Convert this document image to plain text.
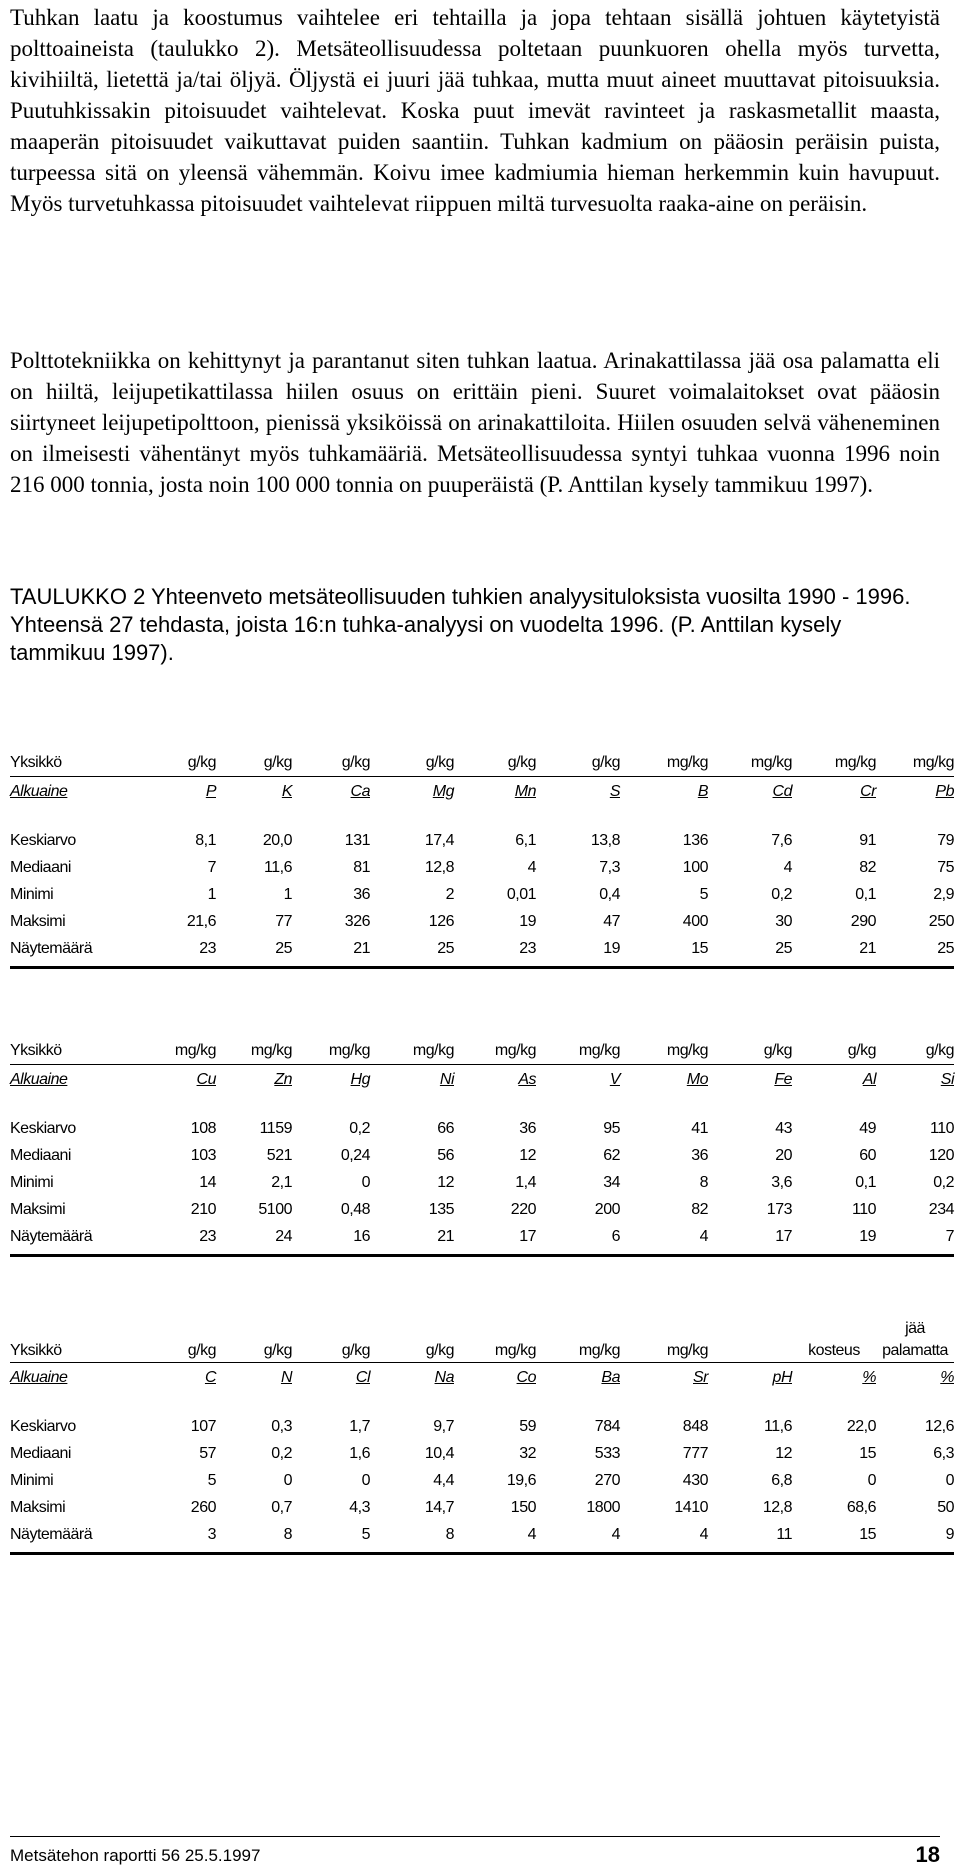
Tuhkan laatu ja koostumus vaihtelee eri tehtailla ja jopa tehtaan sisällä johtuen käytetyistä polttoaineista (taulukko 2). Metsäteollisuudessa poltetaan puunkuoren ohella myös turvetta, kivihiiltä, lietettä ja/tai öljyä. Öljystä ei juuri jää tuhkaa, mutta muut aineet muuttavat pitoisuuksia. Puutuhkissakin pitoisuudet vaihtelevat. Koska puut imevät ravinteet ja raskasmetallit maasta, maaperän pitoisuudet vaikuttavat puiden saantiin. Tuhkan kadmium on pääosin peräisin puista, turpeessa sitä on yleensä vähemmän. Koivu imee kadmiumia hieman herkemmin kuin havupuut. Myös turvetuhkassa pitoisuudet vaihtelevat riippuen miltä turvesuolta raaka-aine on peräisin.

Polttotekniikka on kehittynyt ja parantanut siten tuhkan laatua. Arinakattilassa jää osa palamatta eli on hiiltä, leijupetikattilassa hiilen osuus on erittäin pieni. Suuret voimalaitokset ovat pääosin siirtyneet leijupetipolttoon, pienissä yksiköissä on arinakattiloita. Hiilen osuuden selvä väheneminen on ilmeisesti vähentänyt myös tuhkamääriä. Metsäteollisuudessa syntyi tuhkaa vuonna 1996 noin 216 000 tonnia, josta noin 100 000 tonnia on puuperäistä (P. Anttilan kysely tammikuu 1997).

TAULUKKO 2 Yhteenveto metsäteollisuuden tuhkien analyysituloksista vuosilta 1990 - 1996. Yhteensä 27 tehdasta, joista 16:n tuhka-analyysi on vuodelta 1996. (P. Anttilan kysely tammikuu 1997).

Yksikkö	g/kg	g/kg	g/kg	g/kg	g/kg	g/kg	mg/kg	mg/kg	mg/kg	mg/kg
Alkuaine	P	K	Ca	Mg	Mn	S	B	Cd	Cr	Pb

Keskiarvo	8,1	20,0	131	17,4	6,1	13,8	136	7,6	91	79
Mediaani	7	11,6	81	12,8	4	7,3	100	4	82	75
Minimi	1	1	36	2	0,01	0,4	5	0,2	0,1	2,9
Maksimi	21,6	77	326	126	19	47	400	30	290	250
Näytemäärä	23	25	21	25	23	19	15	25	21	25
Yksikkö	mg/kg	mg/kg	mg/kg	mg/kg	mg/kg	mg/kg	mg/kg	g/kg	g/kg	g/kg
Alkuaine	Cu	Zn	Hg	Ni	As	V	Mo	Fe	Al	Si

Keskiarvo	108	1159	0,2	66	36	95	41	43	49	110
Mediaani	103	521	0,24	56	12	62	36	20	60	120
Minimi	14	2,1	0	12	1,4	34	8	3,6	0,1	0,2
Maksimi	210	5100	0,48	135	220	200	82	173	110	234
Näytemäärä	23	24	16	21	17	6	4	17	19	7
Yksikkö	g/kg	g/kg	g/kg	g/kg	mg/kg	mg/kg	mg/kg		kosteus	jää palamatta
Alkuaine	C	N	Cl	Na	Co	Ba	Sr	pH	%	%

Keskiarvo	107	0,3	1,7	9,7	59	784	848	11,6	22,0	12,6
Mediaani	57	0,2	1,6	10,4	32	533	777	12	15	6,3
Minimi	5	0	0	4,4	19,6	270	430	6,8	0	0
Maksimi	260	0,7	4,3	14,7	150	1800	1410	12,8	68,6	50
Näytemäärä	3	8	5	8	4	4	4	11	15	9
Metsätehon raportti 56 25.5.1997	18
